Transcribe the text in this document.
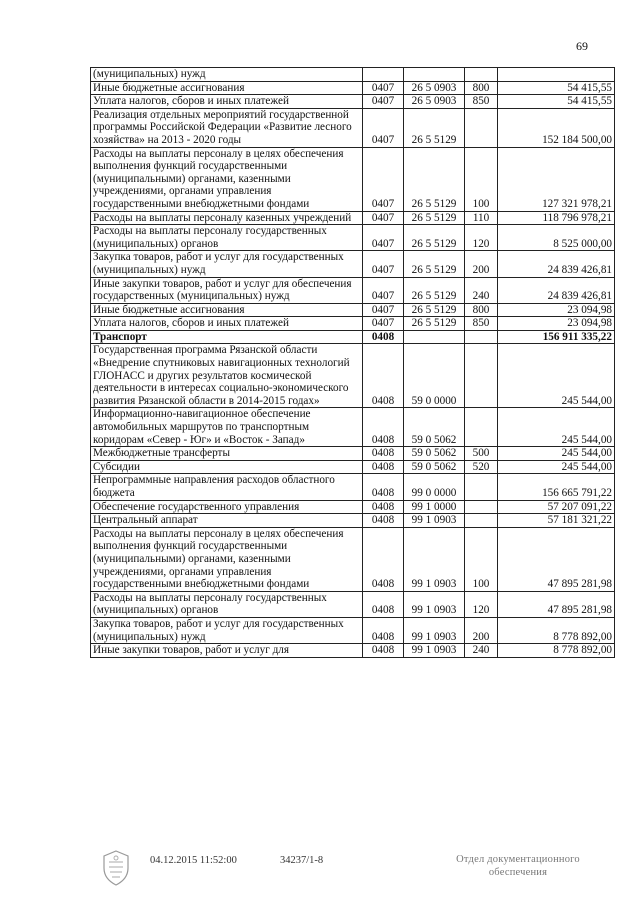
69
(муниципальных) нужд				
Иные бюджетные ассигнования	0407	26 5 0903	800	54 415,55
Уплата налогов, сборов и иных платежей	0407	26 5 0903	850	54 415,55
Реализация отдельных мероприятий государственной программы Российской Федерации «Развитие лесного хозяйства» на 2013 - 2020 годы	0407	26 5 5129		152 184 500,00
Расходы на выплаты персоналу в целях обеспечения выполнения функций государственными (муниципальными) органами, казенными учреждениями, органами управления государственными внебюджетными фондами	0407	26 5 5129	100	127 321 978,21
Расходы на выплаты персоналу казенных учреждений	0407	26 5 5129	110	118 796 978,21
Расходы на выплаты персоналу государственных (муниципальных) органов	0407	26 5 5129	120	8 525 000,00
Закупка товаров, работ и услуг для государственных (муниципальных) нужд	0407	26 5 5129	200	24 839 426,81
Иные закупки товаров, работ и услуг для обеспечения государственных (муниципальных) нужд	0407	26 5 5129	240	24 839 426,81
Иные бюджетные ассигнования	0407	26 5 5129	800	23 094,98
Уплата налогов, сборов и иных платежей	0407	26 5 5129	850	23 094,98
Транспорт	0408			156 911 335,22
Государственная программа Рязанской области «Внедрение спутниковых навигационных технологий ГЛОНАСС и других результатов космической деятельности в интересах социально-экономического развития Рязанской области в 2014-2015 годах»	0408	59 0 0000		245 544,00
Информационно-навигационное обеспечение автомобильных маршрутов по транспортным коридорам «Север - Юг» и «Восток - Запад»	0408	59 0 5062		245 544,00
Межбюджетные трансферты	0408	59 0 5062	500	245 544,00
Субсидии	0408	59 0 5062	520	245 544,00
Непрограммные направления расходов областного бюджета	0408	99 0 0000		156 665 791,22
Обеспечение государственного управления	0408	99 1 0000		57 207 091,22
Центральный аппарат	0408	99 1 0903		57 181 321,22
Расходы на выплаты персоналу в целях обеспечения выполнения функций государственными (муниципальными) органами, казенными учреждениями, органами управления государственными внебюджетными фондами	0408	99 1 0903	100	47 895 281,98
Расходы на выплаты персоналу государственных (муниципальных) органов	0408	99 1 0903	120	47 895 281,98
Закупка товаров, работ и услуг для государственных (муниципальных) нужд	0408	99 1 0903	200	8 778 892,00
Иные закупки товаров, работ и услуг для	0408	99 1 0903	240	8 778 892,00
04.12.2015 11:52:00	34237/1-8	Отдел документационного
обеспечения
